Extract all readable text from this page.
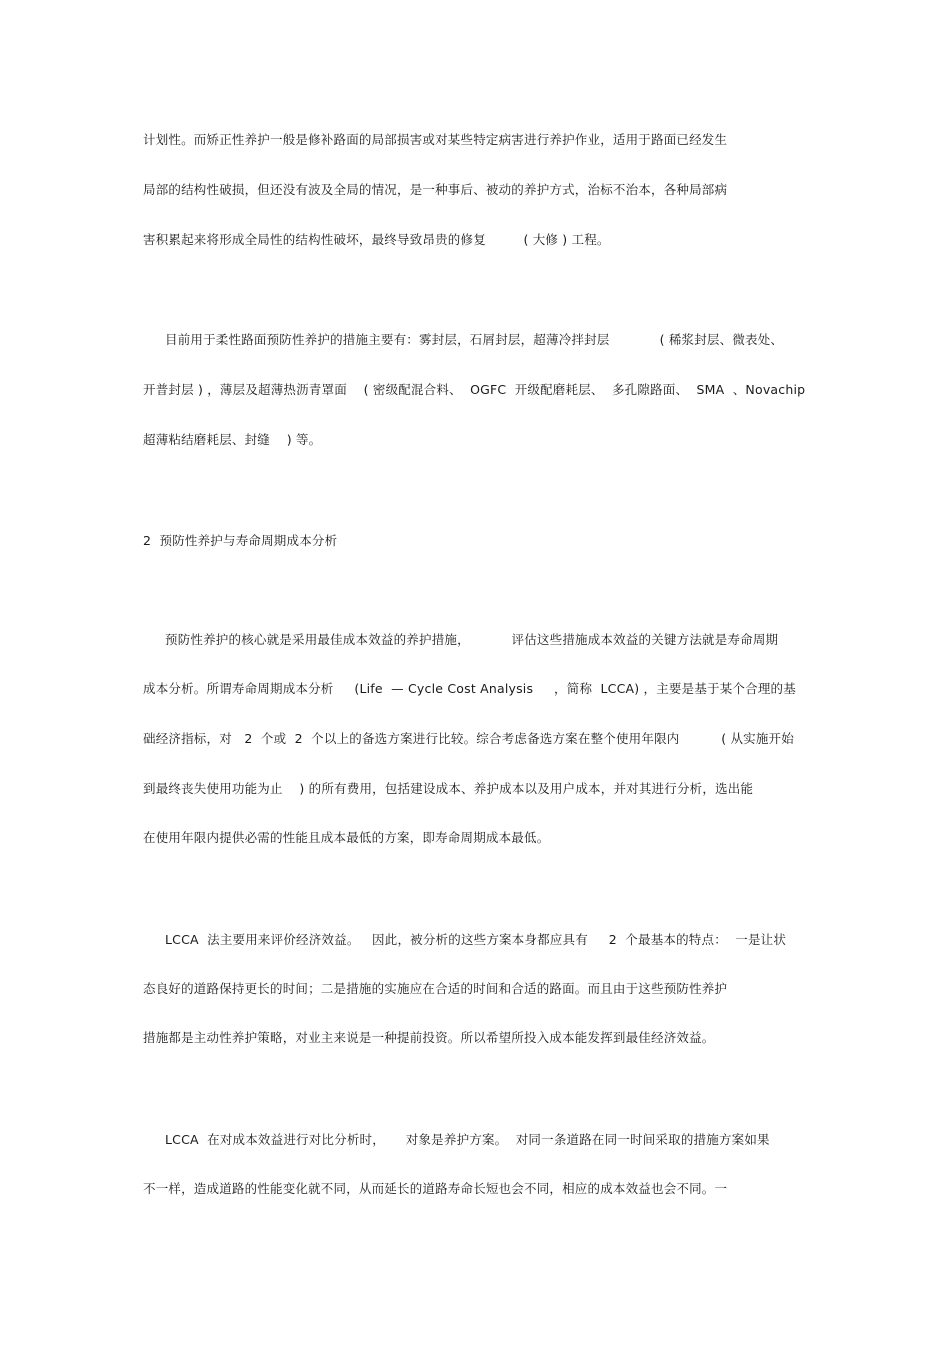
计划性。而矫正性养护一般是修补路面的局部损害或对某些特定病害进行养护作业，适用于路面已经发生
局部的结构性破损，但还没有波及全局的情况，是一种事后、被动的养护方式，治标不治本，各种局部病
害积累起来将形成全局性的结构性破坏，最终导致昂贵的修复         ( 大修 ) 工程。
目前用于柔性路面预防性养护的措施主要有：雾封层，石屑封层，超薄冷拌封层            ( 稀浆封层、微表处、
开普封层 ) ，薄层及超薄热沥青罩面    ( 密级配混合料、  OGFC  开级配磨耗层、  多孔隙路面、  SMA  、Novachip
超薄粘结磨耗层、封缝    ) 等。
2  预防性养护与寿命周期成本分析
预防性养护的核心就是采用最佳成本效益的养护措施，          评估这些措施成本效益的关键方法就是寿命周期
成本分析。所谓寿命周期成本分析     (Life  — Cycle Cost Analysis     ，简称  LCCA) ，主要是基于某个合理的基
础经济指标，对   2  个或  2  个以上的备选方案进行比较。综合考虑备选方案在整个使用年限内          ( 从实施开始
到最终丧失使用功能为止    ) 的所有费用，包括建设成本、养护成本以及用户成本，并对其进行分析，选出能
在使用年限内提供必需的性能且成本最低的方案，即寿命周期成本最低。
LCCA  法主要用来评价经济效益。   因此，被分析的这些方案本身都应具有     2  个最基本的特点：  一是让状
态良好的道路保持更长的时间；二是措施的实施应在合适的时间和合适的路面。而且由于这些预防性养护
措施都是主动性养护策略，对业主来说是一种提前投资。所以希望所投入成本能发挥到最佳经济效益。
LCCA  在对成本效益进行对比分析时，     对象是养护方案。  对同一条道路在同一时间采取的措施方案如果
不一样，造成道路的性能变化就不同，从而延长的道路寿命长短也会不同，相应的成本效益也会不同。一
